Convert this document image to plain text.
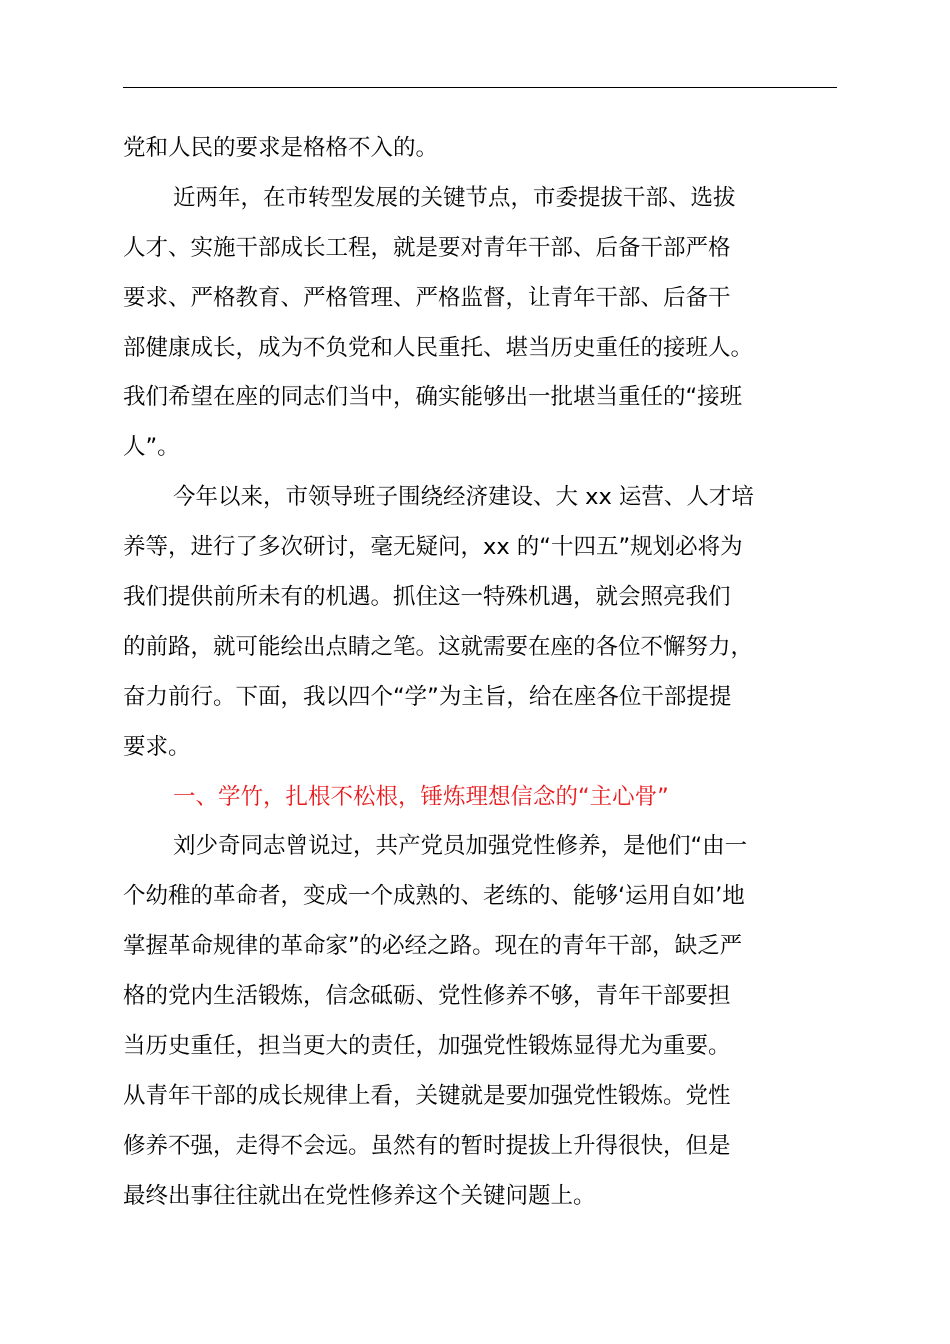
党和人民的要求是格格不入的。
近两年，在市转型发展的关键节点，市委提拔干部、选拔
人才、实施干部成长工程，就是要对青年干部、后备干部严格
要求、严格教育、严格管理、严格监督，让青年干部、后备干
部健康成长，成为不负党和人民重托、堪当历史重任的接班人。
我们希望在座的同志们当中，确实能够出一批堪当重任的“接班
人”。
今年以来，市领导班子围绕经济建设、大 xx 运营、人才培
养等，进行了多次研讨，毫无疑问，xx 的“十四五”规划必将为
我们提供前所未有的机遇。抓住这一特殊机遇，就会照亮我们
的前路，就可能绘出点睛之笔。这就需要在座的各位不懈努力，
奋力前行。下面，我以四个“学”为主旨，给在座各位干部提提
要求。
一、学竹，扎根不松根，锤炼理想信念的“主心骨”
刘少奇同志曾说过，共产党员加强党性修养，是他们“由一
个幼稚的革命者，变成一个成熟的、老练的、能够‘运用自如’地
掌握革命规律的革命家”的必经之路。现在的青年干部，缺乏严
格的党内生活锻炼，信念砥砺、党性修养不够，青年干部要担
当历史重任，担当更大的责任，加强党性锻炼显得尤为重要。
从青年干部的成长规律上看，关键就是要加强党性锻炼。党性
修养不强，走得不会远。虽然有的暂时提拔上升得很快，但是
最终出事往往就出在党性修养这个关键问题上。
